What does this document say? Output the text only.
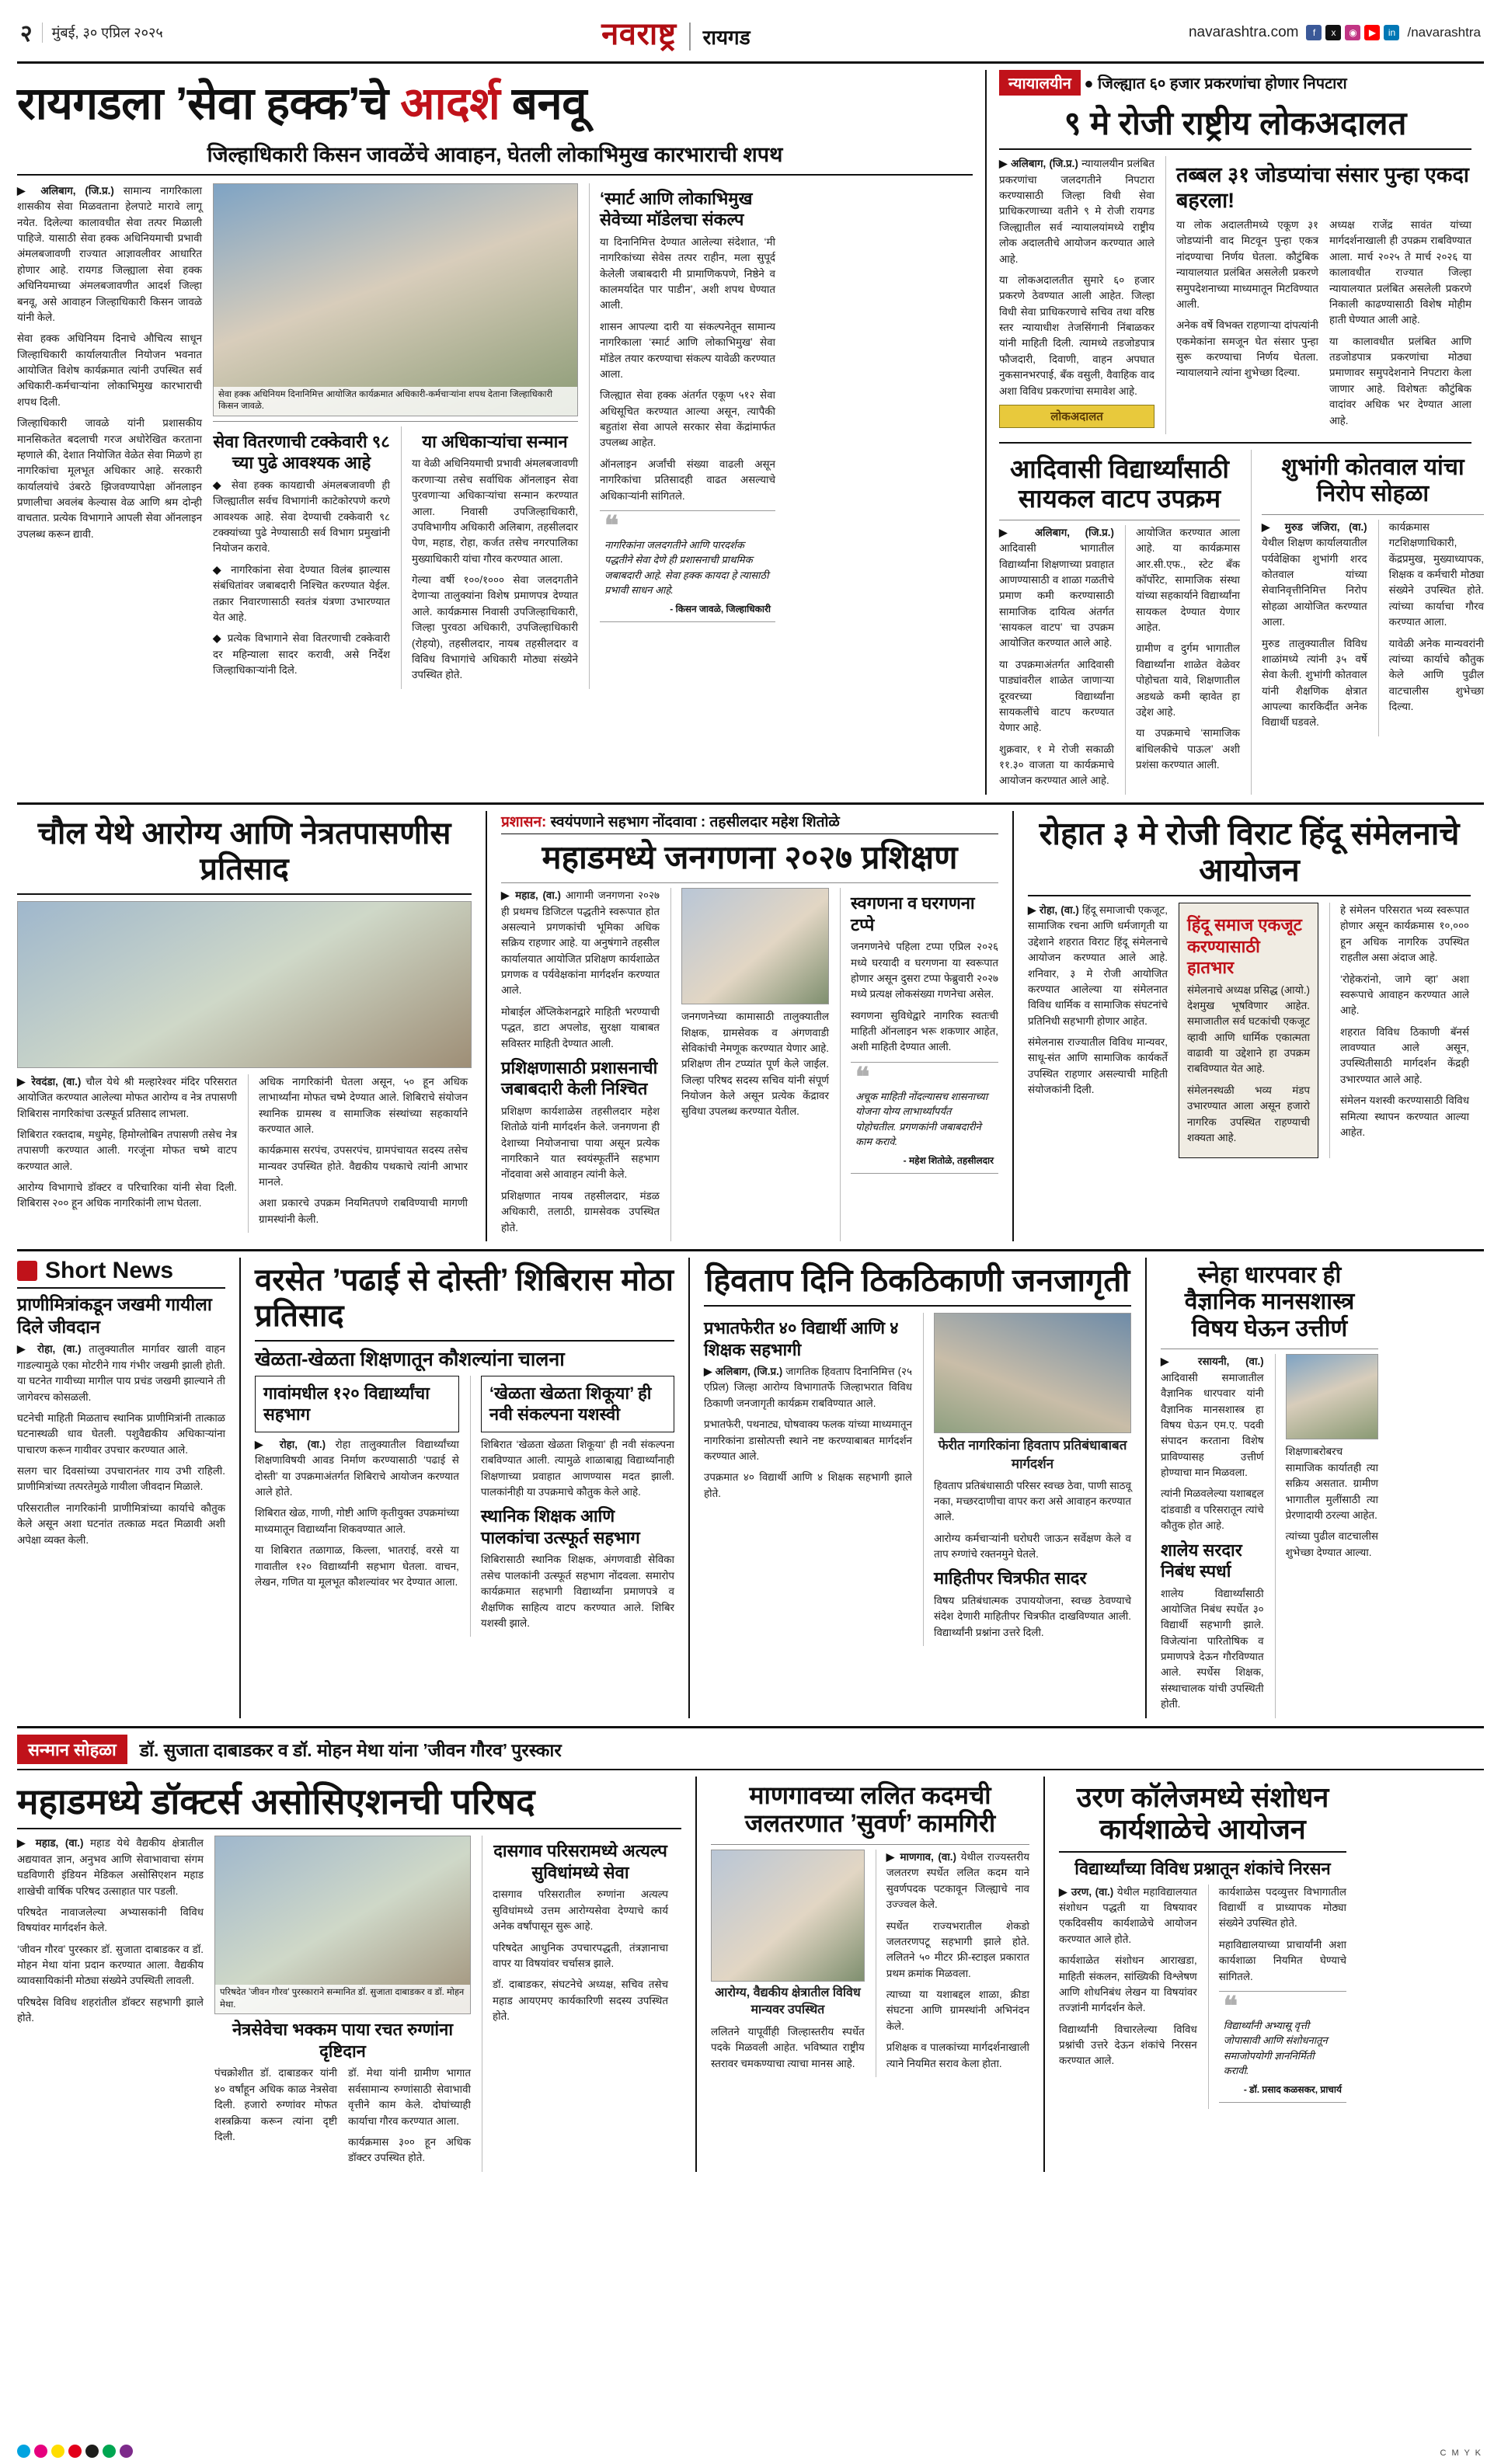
२ मुंबई, ३० एप्रिल २०२५	नवराष्ट्र	रायगड	navarashtra.com	f	x	◉	▶	in /navarashtra
रायगडला ’सेवा हक्क’चे आदर्श बनवू
जिल्हाधिकारी किसन जावळेंचे आवाहन, घेतली लोकाभिमुख कारभाराची शपथ

▶ अलिबाग, (जि.प्र.) सामान्य नागरिकाला शासकीय सेवा मिळवताना हेलपाटे मारावे लागू नयेत. दिलेल्या कालावधीत सेवा तत्पर मिळाली पाहिजे. यासाठी सेवा हक्क अधिनियमाची प्रभावी अंमलबजावणी राज्यात आज्ञावलीवर आधारित होणार आहे. रायगड जिल्ह्याला सेवा हक्क अधिनियमाच्या अंमलबजावणीत आदर्श जिल्हा बनवू, असे आवाहन जिल्हाधिकारी किसन जावळे यांनी केले.

सेवा हक्क अधिनियम दिनाचे औचित्य साधून जिल्हाधिकारी कार्यालयातील नियोजन भवनात आयोजित विशेष कार्यक्रमात त्यांनी उपस्थित सर्व अधिकारी-कर्मचाऱ्यांना लोकाभिमुख कारभाराची शपथ दिली.

जिल्हाधिकारी जावळे यांनी प्रशासकीय मानसिकतेत बदलाची गरज अधोरेखित करताना म्हणाले की, देशात नियोजित वेळेत सेवा मिळणे हा नागरिकांचा मूलभूत अधिकार आहे. सरकारी कार्यालयांचे उंबरठे झिजवण्यापेक्षा ऑनलाइन प्रणालीचा अवलंब केल्यास वेळ आणि श्रम दोन्ही वाचतात. प्रत्येक विभागाने आपली सेवा ऑनलाइन उपलब्ध करून द्यावी.

सेवा हक्क अधिनियम दिनानिमित्त आयोजित कार्यक्रमात अधिकारी-कर्मचाऱ्यांना शपथ देताना जिल्हाधिकारी किसन जावळे.
सेवा वितरणाची टक्केवारी ९८ च्या पुढे आवश्यक आहे

◆ सेवा हक्क कायद्याची अंमलबजावणी ही जिल्ह्यातील सर्वच विभागांनी काटेकोरपणे करणे आवश्यक आहे. सेवा देण्याची टक्केवारी ९८ टक्क्यांच्या पुढे नेण्यासाठी सर्व विभाग प्रमुखांनी नियोजन करावे.

◆ नागरिकांना सेवा देण्यात विलंब झाल्यास संबंधितांवर जबाबदारी निश्चित करण्यात येईल. तक्रार निवारणासाठी स्वतंत्र यंत्रणा उभारण्यात येत आहे.

◆ प्रत्येक विभागाने सेवा वितरणाची टक्केवारी दर महिन्याला सादर करावी, असे निर्देश जिल्हाधिकाऱ्यांनी दिले.

या अधिकाऱ्यांचा सन्मान

या वेळी अधिनियमाची प्रभावी अंमलबजावणी करणाऱ्या तसेच सर्वाधिक ऑनलाइन सेवा पुरवणाऱ्या अधिकाऱ्यांचा सन्मान करण्यात आला. निवासी उपजिल्हाधिकारी, उपविभागीय अधिकारी अलिबाग, तहसीलदार पेण, महाड, रोहा, कर्जत तसेच नगरपालिका मुख्याधिकारी यांचा गौरव करण्यात आला.

गेल्या वर्षी १००/१००० सेवा जलदगतीने देणाऱ्या तालुक्यांना विशेष प्रमाणपत्र देण्यात आले. कार्यक्रमास निवासी उपजिल्हाधिकारी, जिल्हा पुरवठा अधिकारी, उपजिल्हाधिकारी (रोहयो), तहसीलदार, नायब तहसीलदार व विविध विभागांचे अधिकारी मोठ्या संख्येने उपस्थित होते.

‘स्मार्ट आणि लोकाभिमुख सेवेच्या मॉडेलचा संकल्प

या दिनानिमित्त देण्यात आलेल्या संदेशात, ‘मी नागरिकांच्या सेवेस तत्पर राहीन, मला सुपूर्द केलेली जबाबदारी मी प्रामाणिकपणे, निष्ठेने व कालमर्यादेत पार पाडीन’, अशी शपथ घेण्यात आली.

शासन आपल्या दारी या संकल्पनेतून सामान्य नागरिकाला ‘स्मार्ट आणि लोकाभिमुख’ सेवा मॉडेल तयार करण्याचा संकल्प यावेळी करण्यात आला.

जिल्ह्यात सेवा हक्क अंतर्गत एकूण ५१२ सेवा अधिसूचित करण्यात आल्या असून, त्यापैकी बहुतांश सेवा आपले सरकार सेवा केंद्रांमार्फत उपलब्ध आहेत.

ऑनलाइन अर्जांची संख्या वाढली असून नागरिकांचा प्रतिसादही वाढत असल्याचे अधिकाऱ्यांनी सांगितले.

❝

नागरिकांना जलदगतीने आणि पारदर्शक पद्धतीने सेवा देणे ही प्रशासनाची प्राथमिक जबाबदारी आहे. सेवा हक्क कायदा हे त्यासाठी प्रभावी साधन आहे.

- किसन जावळे, जिल्हाधिकारी
न्यायालयीन ● जिल्ह्यात ६० हजार प्रकरणांचा होणार निपटारा
९ मे रोजी राष्ट्रीय लोकअदालत

▶ अलिबाग, (जि.प्र.) न्यायालयीन प्रलंबित प्रकरणांचा जलदगतीने निपटारा करण्यासाठी जिल्हा विधी सेवा प्राधिकरणाच्या वतीने ९ मे रोजी रायगड जिल्ह्यातील सर्व न्यायालयांमध्ये राष्ट्रीय लोक अदालतीचे आयोजन करण्यात आले आहे.

या लोकअदालतीत सुमारे ६० हजार प्रकरणे ठेवण्यात आली आहेत. जिल्हा विधी सेवा प्राधिकरणाचे सचिव तथा वरिष्ठ स्तर न्यायाधीश तेजसिंगानी निंबाळकर यांनी माहिती दिली. त्यामध्ये तडजोडपात्र फौजदारी, दिवाणी, वाहन अपघात नुकसानभरपाई, बँक वसुली, वैवाहिक वाद अशा विविध प्रकरणांचा समावेश आहे.

लोकअदालत
तब्बल ३१ जोडप्यांचा संसार पुन्हा एकदा बहरला!

या लोक अदालतीमध्ये एकूण ३१ जोडप्यांनी वाद मिटवून पुन्हा एकत्र नांदण्याचा निर्णय घेतला. कौटुंबिक न्यायालयात प्रलंबित असलेली प्रकरणे समुपदेशनाच्या माध्यमातून मिटविण्यात आली.

अनेक वर्षे विभक्त राहणाऱ्या दांपत्यांनी एकमेकांना समजून घेत संसार पुन्हा सुरू करण्याचा निर्णय घेतला. न्यायालयाने त्यांना शुभेच्छा दिल्या.

अध्यक्ष राजेंद्र सावंत यांच्या मार्गदर्शनाखाली ही उपक्रम राबविण्यात आला. मार्च २०२५ ते मार्च २०२६ या कालावधीत राज्यात जिल्हा न्यायालयात प्रलंबित असलेली प्रकरणे निकाली काढण्यासाठी विशेष मोहीम हाती घेण्यात आली आहे.

या कालावधीत प्रलंबित आणि तडजोडपात्र प्रकरणांचा मोठ्या प्रमाणावर समुपदेशनाने निपटारा केला जाणार आहे. विशेषतः कौटुंबिक वादांवर अधिक भर देण्यात आला आहे.

आदिवासी विद्यार्थ्यांसाठी सायकल वाटप उपक्रम

▶ अलिबाग, (जि.प्र.) आदिवासी भागातील विद्यार्थ्यांना शिक्षणाच्या प्रवाहात आणण्यासाठी व शाळा गळतीचे प्रमाण कमी करण्यासाठी सामाजिक दायित्व अंतर्गत ‘सायकल वाटप’ चा उपक्रम आयोजित करण्यात आले आहे.

या उपक्रमाअंतर्गत आदिवासी पाड्यांवरील शाळेत जाणाऱ्या दूरवरच्या विद्यार्थ्यांना सायकलींचे वाटप करण्यात येणार आहे.

शुक्रवार, १ मे रोजी सकाळी ११.३० वाजता या कार्यक्रमाचे आयोजन करण्यात आले आहे.

आयोजित करण्यात आला आहे. या कार्यक्रमास आर.सी.एफ., स्टेट बँक कॉर्पोरेट, सामाजिक संस्था यांच्या सहकार्याने विद्यार्थ्यांना सायकल देण्यात येणार आहेत.

ग्रामीण व दुर्गम भागातील विद्यार्थ्यांना शाळेत वेळेवर पोहोचता यावे, शिक्षणातील अडथळे कमी व्हावेत हा उद्देश आहे.

या उपक्रमाचे ‘सामाजिक बांधिलकीचे पाऊल’ अशी प्रशंसा करण्यात आली.

शुभांगी कोतवाल यांचा निरोप सोहळा

▶ मुरुड जंजिरा, (वा.) येथील शिक्षण कार्यालयातील पर्यवेक्षिका शुभांगी शरद कोतवाल यांच्या सेवानिवृत्तीनिमित्त निरोप सोहळा आयोजित करण्यात आला.

मुरुड तालुक्यातील विविध शाळांमध्ये त्यांनी ३५ वर्षे सेवा केली. शुभांगी कोतवाल यांनी शैक्षणिक क्षेत्रात आपल्या कारकिर्दीत अनेक विद्यार्थी घडवले.

कार्यक्रमास गटशिक्षणाधिकारी, केंद्रप्रमुख, मुख्याध्यापक, शिक्षक व कर्मचारी मोठ्या संख्येने उपस्थित होते. त्यांच्या कार्याचा गौरव करण्यात आला.

यावेळी अनेक मान्यवरांनी त्यांच्या कार्याचे कौतुक केले आणि पुढील वाटचालीस शुभेच्छा दिल्या.

चौल येथे आरोग्य आणि नेत्रतपासणीस प्रतिसाद

▶ रेवदंडा, (वा.) चौल येथे श्री मल्हारेश्वर मंदिर परिसरात आयोजित करण्यात आलेल्या मोफत आरोग्य व नेत्र तपासणी शिबिरास नागरिकांचा उत्स्फूर्त प्रतिसाद लाभला.

शिबिरात रक्तदाब, मधुमेह, हिमोग्लोबिन तपासणी तसेच नेत्र तपासणी करण्यात आली. गरजूंना मोफत चष्मे वाटप करण्यात आले.

आरोग्य विभागाचे डॉक्टर व परिचारिका यांनी सेवा दिली. शिबिरास २०० हून अधिक नागरिकांनी लाभ घेतला.

अधिक नागरिकांनी घेतला असून, ५० हून अधिक लाभार्थ्यांना मोफत चष्मे देण्यात आले. शिबिराचे संयोजन स्थानिक ग्रामस्थ व सामाजिक संस्थांच्या सहकार्याने करण्यात आले.

कार्यक्रमास सरपंच, उपसरपंच, ग्रामपंचायत सदस्य तसेच मान्यवर उपस्थित होते. वैद्यकीय पथकाचे त्यांनी आभार मानले.

अशा प्रकारचे उपक्रम नियमितपणे राबविण्याची मागणी ग्रामस्थांनी केली.

प्रशासन: स्वयंपणाने सहभाग नोंदवावा : तहसीलदार महेश शितोळे
महाडमध्ये जनगणना २०२७ प्रशिक्षण

▶ महाड, (वा.) आगामी जनगणना २०२७ ही प्रथमच डिजिटल पद्धतीने स्वरूपात होत असल्याने प्रगणकांची भूमिका अधिक सक्रिय राहणार आहे. या अनुषंगाने तहसील कार्यालयात आयोजित प्रशिक्षण कार्यशाळेत प्रगणक व पर्यवेक्षकांना मार्गदर्शन करण्यात आले.

मोबाईल अ‍ॅप्लिकेशनद्वारे माहिती भरण्याची पद्धत, डाटा अपलोड, सुरक्षा याबाबत सविस्तर माहिती देण्यात आली.

प्रशिक्षणासाठी प्रशासनाची जबाबदारी केली निश्चित

प्रशिक्षण कार्यशाळेस तहसीलदार महेश शितोळे यांनी मार्गदर्शन केले. जनगणना ही देशाच्या नियोजनाचा पाया असून प्रत्येक नागरिकाने यात स्वयंस्फूर्तीने सहभाग नोंदवावा असे आवाहन त्यांनी केले.

प्रशिक्षणात नायब तहसीलदार, मंडळ अधिकारी, तलाठी, ग्रामसेवक उपस्थित होते.

जनगणनेच्या कामासाठी तालुक्यातील शिक्षक, ग्रामसेवक व अंगणवाडी सेविकांची नेमणूक करण्यात येणार आहे. प्रशिक्षण तीन टप्प्यांत पूर्ण केले जाईल. जिल्हा परिषद सदस्य सचिव यांनी संपूर्ण नियोजन केले असून प्रत्येक केंद्रावर सुविधा उपलब्ध करण्यात येतील.

स्वगणना व घरगणना टप्पे

जनगणनेचे पहिला टप्पा एप्रिल २०२६ मध्ये घरयादी व घरगणना या स्वरूपात होणार असून दुसरा टप्पा फेब्रुवारी २०२७ मध्ये प्रत्यक्ष लोकसंख्या गणनेचा असेल.

स्वगणना सुविधेद्वारे नागरिक स्वतःची माहिती ऑनलाइन भरू शकणार आहेत, अशी माहिती देण्यात आली.

❝

अचूक माहिती नोंदल्यासच शासनाच्या योजना योग्य लाभार्थ्यांपर्यंत पोहोचतील. प्रगणकांनी जबाबदारीने काम करावे.

- महेश शितोळे, तहसीलदार
रोहात ३ मे रोजी विराट हिंदू संमेलनाचे आयोजन

▶ रोहा, (वा.) हिंदू समाजाची एकजूट, सामाजिक रचना आणि धर्मजागृती या उद्देशाने शहरात विराट हिंदू संमेलनाचे आयोजन करण्यात आले आहे. शनिवार, ३ मे रोजी आयोजित करण्यात आलेल्या या संमेलनात विविध धार्मिक व सामाजिक संघटनांचे प्रतिनिधी सहभागी होणार आहेत.

संमेलनास राज्यातील विविध मान्यवर, साधू-संत आणि सामाजिक कार्यकर्ते उपस्थित राहणार असल्याची माहिती संयोजकांनी दिली.

हिंदू समाज एकजूट करण्यासाठी हातभार

संमेलनाचे अध्यक्ष प्रसिद्ध (आयो.) देशमुख भूषविणार आहेत. समाजातील सर्व घटकांची एकजूट व्हावी आणि धार्मिक एकात्मता वाढावी या उद्देशाने हा उपक्रम राबविण्यात येत आहे.

संमेलनस्थळी भव्य मंडप उभारण्यात आला असून हजारो नागरिक उपस्थित राहण्याची शक्यता आहे.

हे संमेलन परिसरात भव्य स्वरूपात होणार असून कार्यक्रमास १०,००० हून अधिक नागरिक उपस्थित राहतील असा अंदाज आहे.

‘रोहेकरांनो, जागे व्हा’ अशा स्वरूपाचे आवाहन करण्यात आले आहे.

शहरात विविध ठिकाणी बॅनर्स लावण्यात आले असून, उपस्थितीसाठी मार्गदर्शन केंद्रही उभारण्यात आले आहे.

संमेलन यशस्वी करण्यासाठी विविध समित्या स्थापन करण्यात आल्या आहेत.

Short News
प्राणीमित्रांकडून जखमी गायीला दिले जीवदान

▶ रोहा, (वा.) तालुक्यातील मार्गावर खाली वाहन गाडल्यामुळे एका मोटरीने गाय गंभीर जखमी झाली होती. या घटनेत गायीच्या मागील पाय प्रचंड जखमी झाल्याने ती जागेवरच कोसळली.

घटनेची माहिती मिळताच स्थानिक प्राणीमित्रांनी तात्काळ घटनास्थळी धाव घेतली. पशुवैद्यकीय अधिकाऱ्यांना पाचारण करून गायीवर उपचार करण्यात आले.

सलग चार दिवसांच्या उपचारानंतर गाय उभी राहिली. प्राणीमित्रांच्या तत्परतेमुळे गायीला जीवदान मिळाले.

परिसरातील नागरिकांनी प्राणीमित्रांच्या कार्याचे कौतुक केले असून अशा घटनांत तत्काळ मदत मिळावी अशी अपेक्षा व्यक्त केली.

वरसेत ’पढाई से दोस्ती’ शिबिरास मोठा प्रतिसाद
खेळता-खेळता शिक्षणातून कौशल्यांना चालना
गावांमधील १२० विद्यार्थ्यांचा सहभाग

▶ रोहा, (वा.) रोहा तालुक्यातील विद्यार्थ्यांच्या शिक्षणाविषयी आवड निर्माण करण्यासाठी ‘पढाई से दोस्ती’ या उपक्रमाअंतर्गत शिबिराचे आयोजन करण्यात आले होते.

शिबिरात खेळ, गाणी, गोष्टी आणि कृतीयुक्त उपक्रमांच्या माध्यमातून विद्यार्थ्यांना शिकवण्यात आले.

या शिबिरात तळागाळ, किल्ला, भातराई, वरसे या गावातील १२० विद्यार्थ्यांनी सहभाग घेतला. वाचन, लेखन, गणित या मूलभूत कौशल्यांवर भर देण्यात आला.

‘खेळता खेळता शिकूया’ ही नवी संकल्पना यशस्वी

शिबिरात ‘खेळता खेळता शिकूया’ ही नवी संकल्पना राबविण्यात आली. त्यामुळे शाळाबाह्य विद्यार्थ्यांनाही शिक्षणाच्या प्रवाहात आणण्यास मदत झाली. पालकांनीही या उपक्रमाचे कौतुक केले आहे.

स्थानिक शिक्षक आणि पालकांचा उत्स्फूर्त सहभाग

शिबिरासाठी स्थानिक शिक्षक, अंगणवाडी सेविका तसेच पालकांनी उत्स्फूर्त सहभाग नोंदवला. समारोप कार्यक्रमात सहभागी विद्यार्थ्यांना प्रमाणपत्रे व शैक्षणिक साहित्य वाटप करण्यात आले. शिबिर यशस्वी झाले.

हिवताप दिनि ठिकठिकाणी जनजागृती
प्रभातफेरीत ४० विद्यार्थी आणि ४ शिक्षक सहभागी

▶ अलिबाग, (जि.प्र.) जागतिक हिवताप दिनानिमित्त (२५ एप्रिल) जिल्हा आरोग्य विभागातर्फे जिल्हाभरात विविध ठिकाणी जनजागृती कार्यक्रम राबविण्यात आले.

प्रभातफेरी, पथनाट्य, घोषवाक्य फलक यांच्या माध्यमातून नागरिकांना डासोत्पत्ती स्थाने नष्ट करण्याबाबत मार्गदर्शन करण्यात आले.

उपक्रमात ४० विद्यार्थी आणि ४ शिक्षक सहभागी झाले होते.

फेरीत नागरिकांना हिवताप प्रतिबंधाबाबत मार्गदर्शन

हिवताप प्रतिबंधासाठी परिसर स्वच्छ ठेवा, पाणी साठवू नका, मच्छरदाणीचा वापर करा असे आवाहन करण्यात आले.

आरोग्य कर्मचाऱ्यांनी घरोघरी जाऊन सर्वेक्षण केले व ताप रुग्णांचे रक्तनमुने घेतले.

माहितीपर चित्रफीत सादर

विषय प्रतिबंधात्मक उपाययोजना, स्वच्छ ठेवण्याचे संदेश देणारी माहितीपर चित्रफीत दाखविण्यात आली. विद्यार्थ्यांनी प्रश्नांना उत्तरे दिली.

स्नेहा धारपवार ही वैज्ञानिक मानसशास्त्र विषय घेऊन उत्तीर्ण

▶ रसायनी, (वा.) आदिवासी समाजातील वैज्ञानिक धारपवार यांनी वैज्ञानिक मानसशास्त्र हा विषय घेऊन एम.ए. पदवी संपादन करताना विशेष प्राविण्यासह उत्तीर्ण होण्याचा मान मिळवला.

त्यांनी मिळवलेल्या यशाबद्दल दांडवाडी व परिसरातून त्यांचे कौतुक होत आहे.

शालेय सरदार निबंध स्पर्धा

शालेय विद्यार्थ्यांसाठी आयोजित निबंध स्पर्धेत ३० विद्यार्थी सहभागी झाले. विजेत्यांना पारितोषिक व प्रमाणपत्रे देऊन गौरविण्यात आले. स्पर्धेस शिक्षक, संस्थाचालक यांची उपस्थिती होती.

शिक्षणाबरोबरच सामाजिक कार्यातही त्या सक्रिय असतात. ग्रामीण भागातील मुलींसाठी त्या प्रेरणादायी ठरल्या आहेत.

त्यांच्या पुढील वाटचालीस शुभेच्छा देण्यात आल्या.

सन्मान सोहळा	डॉ. सुजाता दाबाडकर व डॉ. मोहन मेथा यांना ’जीवन गौरव’ पुरस्कार
महाडमध्ये डॉक्टर्स असोसिएशनची परिषद

▶ महाड, (वा.) महाड येथे वैद्यकीय क्षेत्रातील अद्ययावत ज्ञान, अनुभव आणि सेवाभावाचा संगम घडविणारी इंडियन मेडिकल असोसिएशन महाड शाखेची वार्षिक परिषद उत्साहात पार पडली.

परिषदेत नावाजलेल्या अभ्यासकांनी विविध विषयांवर मार्गदर्शन केले.

‘जीवन गौरव’ पुरस्कार डॉ. सुजाता दाबाडकर व डॉ. मोहन मेथा यांना प्रदान करण्यात आला. वैद्यकीय व्यावसायिकांनी मोठ्या संख्येने उपस्थिती लावली.

परिषदेस विविध शहरांतील डॉक्टर सहभागी झाले होते.

परिषदेत ’जीवन गौरव’ पुरस्काराने सन्मानित डॉ. सुजाता दाबाडकर व डॉ. मोहन मेथा.
नेत्रसेवेचा भक्कम पाया रचत रुग्णांना दृष्टिदान

पंचक्रोशीत डॉ. दाबाडकर यांनी ४० वर्षांहून अधिक काळ नेत्रसेवा दिली. हजारो रुग्णांवर मोफत शस्त्रक्रिया करून त्यांना दृष्टी दिली.

डॉ. मेथा यांनी ग्रामीण भागात सर्वसामान्य रुग्णांसाठी सेवाभावी वृत्तीने काम केले. दोघांच्याही कार्याचा गौरव करण्यात आला.

कार्यक्रमास ३०० हून अधिक डॉक्टर उपस्थित होते.

दासगाव परिसरामध्ये अत्यल्प सुविधांमध्ये सेवा

दासगाव परिसरातील रुग्णांना अत्यल्प सुविधांमध्ये उत्तम आरोग्यसेवा देण्याचे कार्य अनेक वर्षांपासून सुरू आहे.

परिषदेत आधुनिक उपचारपद्धती, तंत्रज्ञानाचा वापर या विषयांवर चर्चासत्र झाले.

डॉ. दाबाडकर, संघटनेचे अध्यक्ष, सचिव तसेच महाड आयएमए कार्यकारिणी सदस्य उपस्थित होते.

माणगावच्या ललित कदमची जलतरणात ’सुवर्ण’ कामगिरी
आरोग्य, वैद्यकीय क्षेत्रातील विविध मान्यवर उपस्थित

ललितने यापूर्वीही जिल्हास्तरीय स्पर्धेत पदके मिळवली आहेत. भविष्यात राष्ट्रीय स्तरावर चमकण्याचा त्याचा मानस आहे.

▶ माणगाव, (वा.) येथील राज्यस्तरीय जलतरण स्पर्धेत ललित कदम याने सुवर्णपदक पटकावून जिल्ह्याचे नाव उज्ज्वल केले.

स्पर्धेत राज्यभरातील शेकडो जलतरणपटू सहभागी झाले होते. ललितने ५० मीटर फ्री-स्टाइल प्रकारात प्रथम क्रमांक मिळवला.

त्याच्या या यशाबद्दल शाळा, क्रीडा संघटना आणि ग्रामस्थांनी अभिनंदन केले.

प्रशिक्षक व पालकांच्या मार्गदर्शनाखाली त्याने नियमित सराव केला होता.

उरण कॉलेजमध्ये संशोधन कार्यशाळेचे आयोजन
विद्यार्थ्यांच्या विविध प्रश्नातून शंकांचे निरसन

▶ उरण, (वा.) येथील महाविद्यालयात संशोधन पद्धती या विषयावर एकदिवसीय कार्यशाळेचे आयोजन करण्यात आले होते.

कार्यशाळेत संशोधन आराखडा, माहिती संकलन, सांख्यिकी विश्लेषण आणि शोधनिबंध लेखन या विषयांवर तज्ज्ञांनी मार्गदर्शन केले.

विद्यार्थ्यांनी विचारलेल्या विविध प्रश्नांची उत्तरे देऊन शंकांचे निरसन करण्यात आले.

कार्यशाळेस पदव्युत्तर विभागातील विद्यार्थी व प्राध्यापक मोठ्या संख्येने उपस्थित होते.

महाविद्यालयाच्या प्राचार्यांनी अशा कार्यशाळा नियमित घेण्याचे सांगितले.

❝

विद्यार्थ्यांनी अभ्यासू वृत्ती जोपासावी आणि संशोधनातून समाजोपयोगी ज्ञाननिर्मिती करावी.

- डॉ. प्रसाद कळसकर, प्राचार्य
C M Y K
